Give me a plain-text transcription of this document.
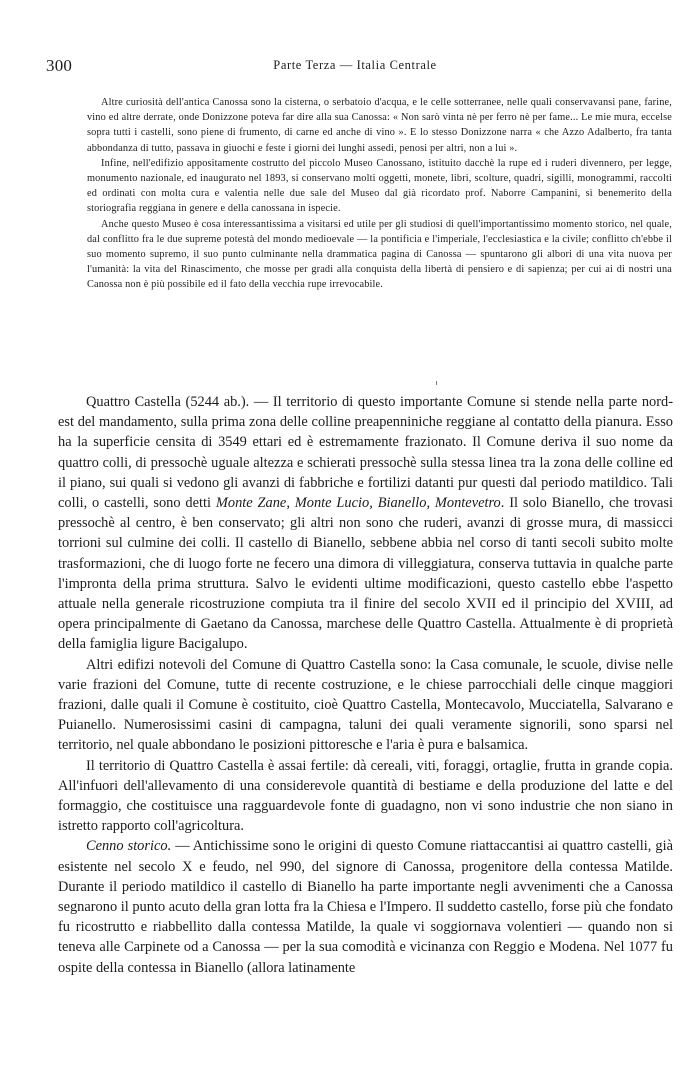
300	Parte Terza — Italia Centrale

Altre curiosità dell'antica Canossa sono la cisterna, o serbatoio d'acqua, e le celle sotterranee, nelle quali conservavansi pane, farine, vino ed altre derrate, onde Donizzone poteva far dire alla sua Canossa: « Non sarò vinta nè per ferro nè per fame... Le mie mura, eccelse sopra tutti i castelli, sono piene di frumento, di carne ed anche di vino ». E lo stesso Donizzone narra « che Azzo Adalberto, fra tanta abbondanza di tutto, passava in giuochi e feste i giorni dei lunghi assedi, penosi per altri, non a lui ».

Infine, nell'edifizio appositamente costrutto del piccolo Museo Canossano, istituito dacchè la rupe ed i ruderi divennero, per legge, monumento nazionale, ed inaugurato nel 1893, si conservano molti oggetti, monete, libri, scolture, quadri, sigilli, monogrammi, raccolti ed ordinati con molta cura e valentia nelle due sale del Museo dal già ricordato prof. Naborre Campanini, sì benemerito della storiografia reggiana in genere e della canossana in ispecie.

Anche questo Museo è cosa interessantissima a visitarsi ed utile per gli studiosi di quell'importantissimo momento storico, nel quale, dal conflitto fra le due supreme potestà del mondo medioevale — la pontificia e l'imperiale, l'ecclesiastica e la civile; conflitto ch'ebbe il suo momento supremo, il suo punto culminante nella drammatica pagina di Canossa — spuntarono gli albori di una vita nuova per l'umanità: la vita del Rinascimento, che mosse per gradi alla conquista della libertà di pensiero e di sapienza; per cui ai di nostri una Canossa non è più possibile ed il fato della vecchia rupe irrevocabile.

Quattro Castella (5244 ab.). — Il territorio di questo importante Comune si stende nella parte nord-est del mandamento, sulla prima zona delle colline preapenniniche reggiane al contatto della pianura. Esso ha la superficie censita di 3549 ettari ed è estremamente frazionato. Il Comune deriva il suo nome da quattro colli, di pressochè uguale altezza e schierati pressochè sulla stessa linea tra la zona delle colline ed il piano, sui quali si vedono gli avanzi di fabbriche e fortilizi datanti pur questi dal periodo matildico. Tali colli, o castelli, sono detti Monte Zane, Monte Lucio, Bianello, Montevetro. Il solo Bianello, che trovasi pressochè al centro, è ben conservato; gli altri non sono che ruderi, avanzi di grosse mura, di massicci torrioni sul culmine dei colli. Il castello di Bianello, sebbene abbia nel corso di tanti secoli subito molte trasformazioni, che di luogo forte ne fecero una dimora di villeggiatura, conserva tuttavia in qualche parte l'impronta della prima struttura. Salvo le evidenti ultime modificazioni, questo castello ebbe l'aspetto attuale nella generale ricostruzione compiuta tra il finire del secolo XVII ed il principio del XVIII, ad opera principalmente di Gaetano da Canossa, marchese delle Quattro Castella. Attualmente è di proprietà della famiglia ligure Bacigalupo.

Altri edifizi notevoli del Comune di Quattro Castella sono: la Casa comunale, le scuole, divise nelle varie frazioni del Comune, tutte di recente costruzione, e le chiese parrocchiali delle cinque maggiori frazioni, dalle quali il Comune è costituito, cioè Quattro Castella, Montecavolo, Mucciatella, Salvarano e Puianello. Numerosissimi casini di campagna, taluni dei quali veramente signorili, sono sparsi nel territorio, nel quale abbondano le posizioni pittoresche e l'aria è pura e balsamica.

Il territorio di Quattro Castella è assai fertile: dà cereali, viti, foraggi, ortaglie, frutta in grande copia. All'infuori dell'allevamento di una considerevole quantità di bestiame e della produzione del latte e del formaggio, che costituisce una ragguardevole fonte di guadagno, non vi sono industrie che non siano in istretto rapporto coll'agricoltura.

Cenno storico. — Antichissime sono le origini di questo Comune riattaccantisi ai quattro castelli, già esistente nel secolo X e feudo, nel 990, del signore di Canossa, progenitore della contessa Matilde. Durante il periodo matildico il castello di Bianello ha parte importante negli avvenimenti che a Canossa segnarono il punto acuto della gran lotta fra la Chiesa e l'Impero. Il suddetto castello, forse più che fondato fu ricostrutto e riabbellito dalla contessa Matilde, la quale vi soggiornava volentieri — quando non si teneva alle Carpinete od a Canossa — per la sua comodità e vicinanza con Reggio e Modena. Nel 1077 fu ospite della contessa in Bianello (allora latinamente
